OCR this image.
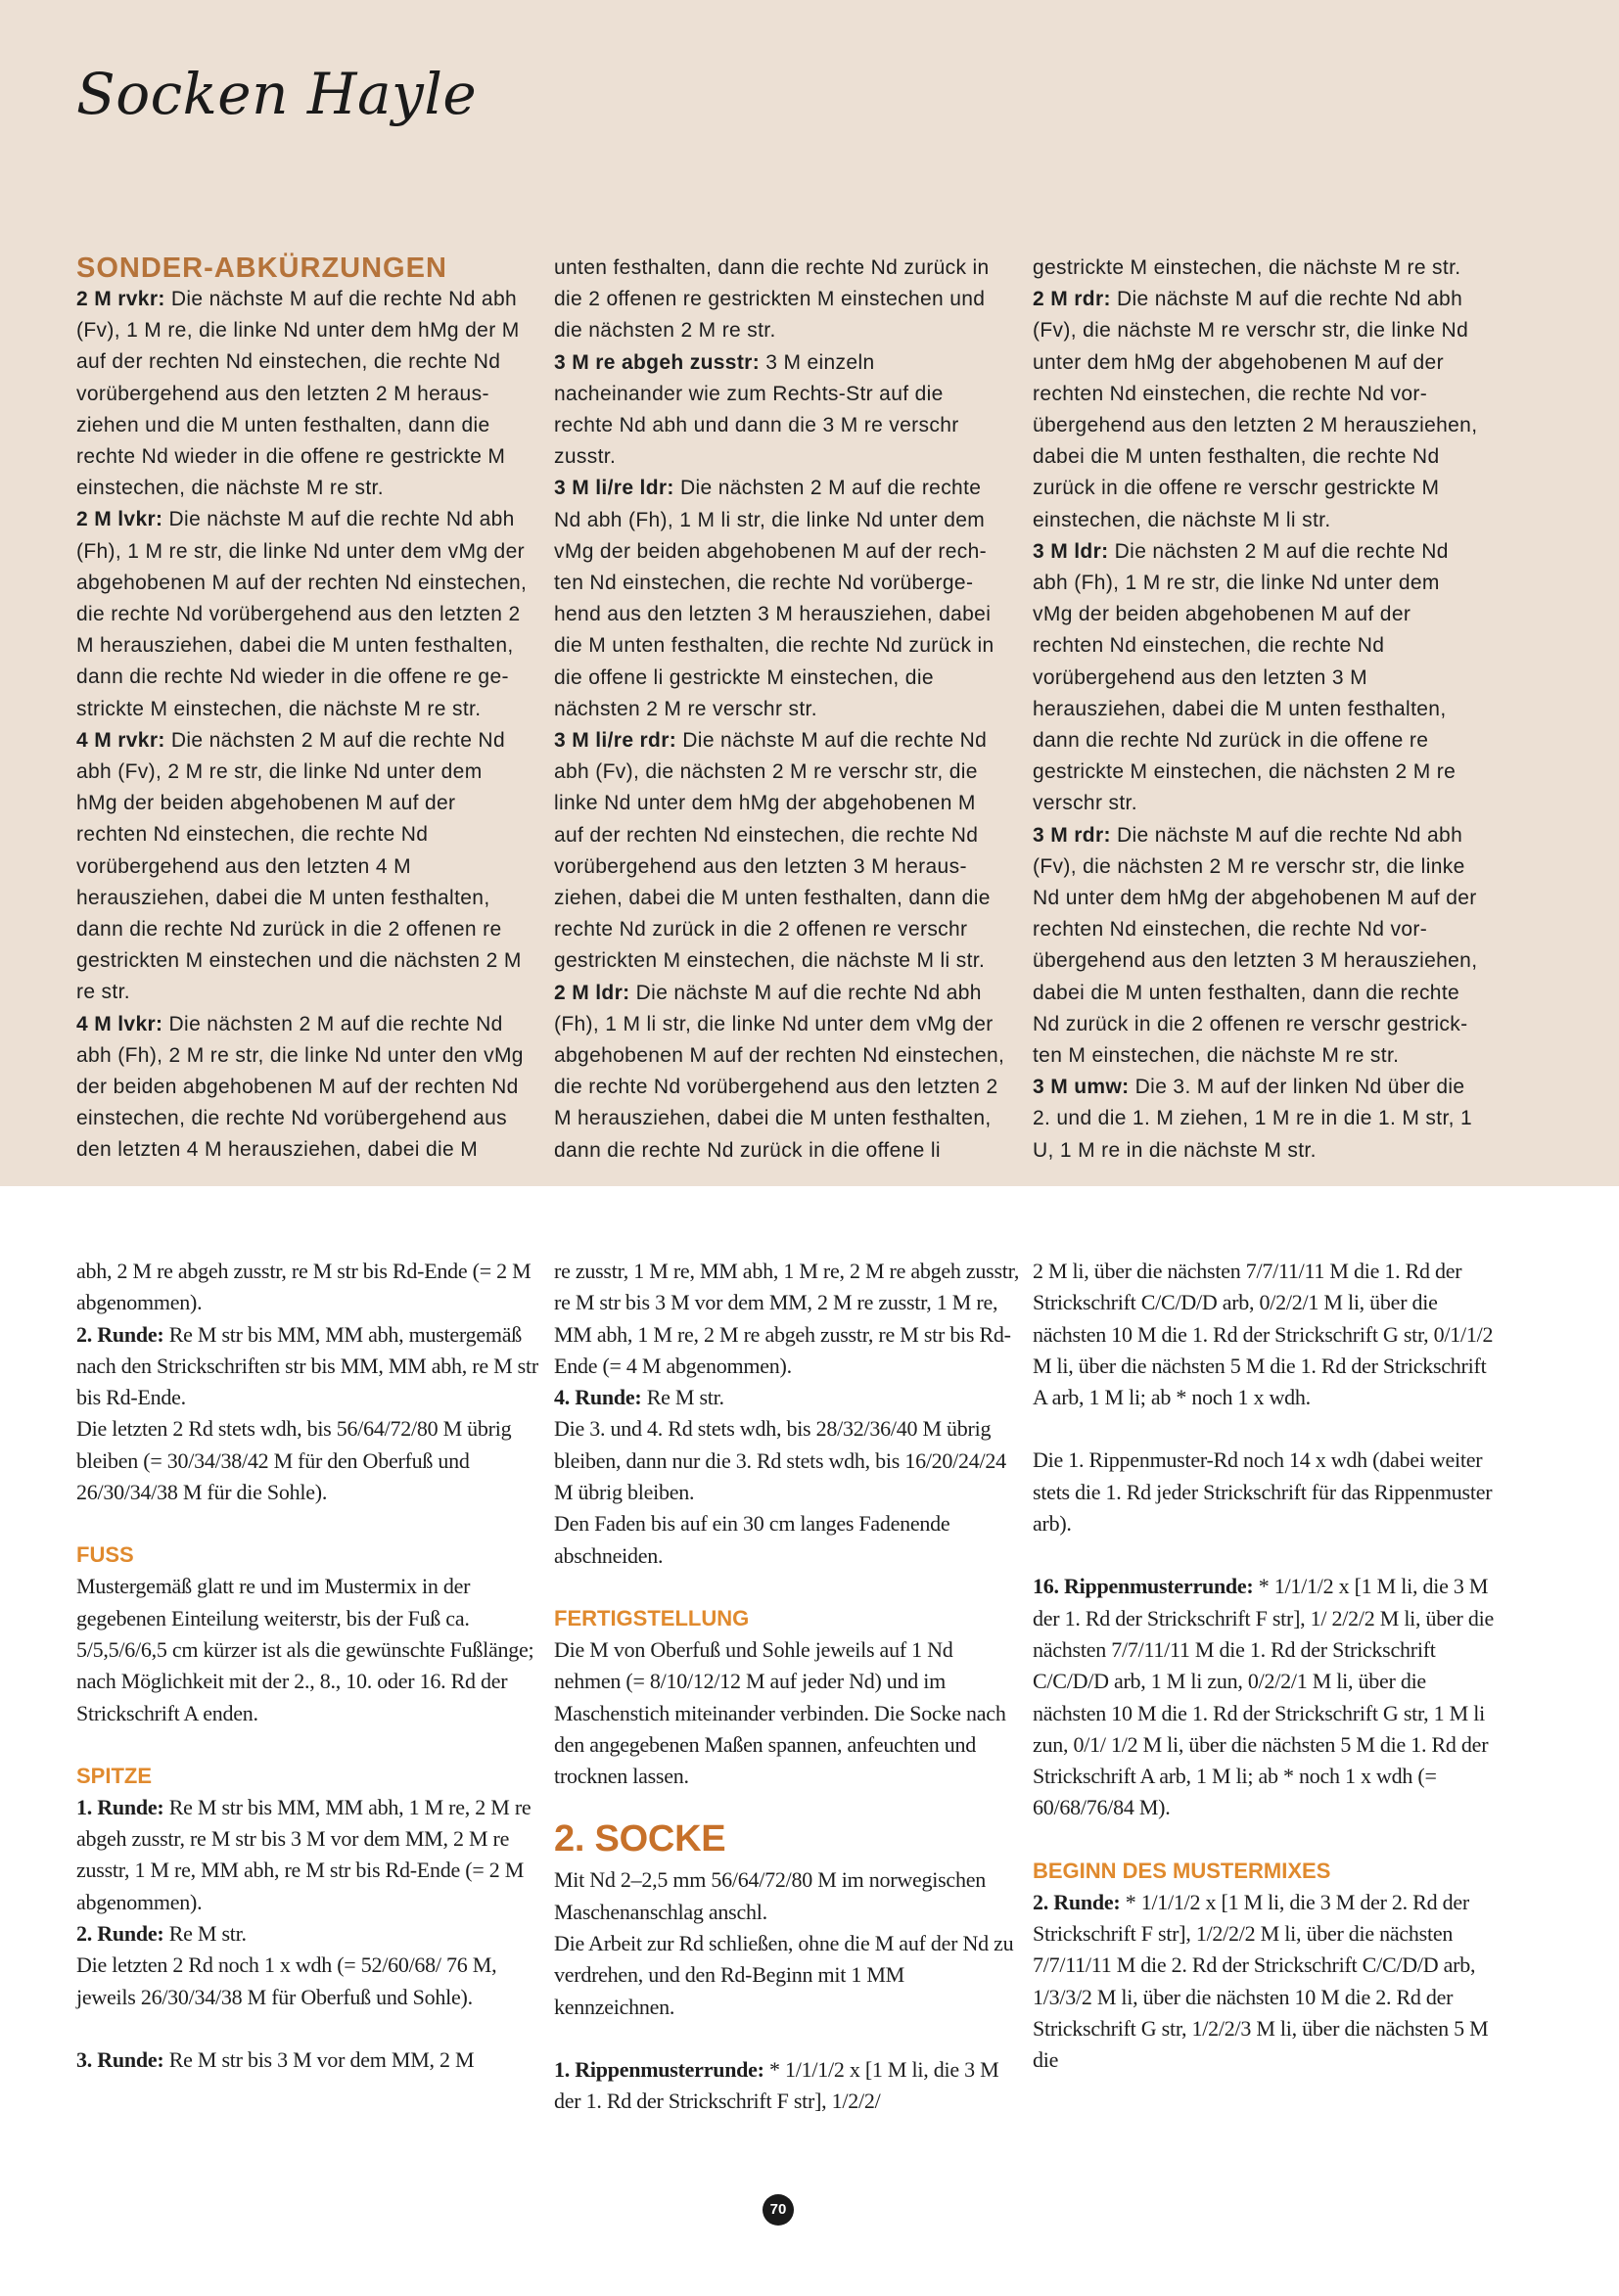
Socken Hayle

SONDER-ABKÜRZUNGEN

2 M rvkr: Die nächste M auf die rechte Nd abh (Fv), 1 M re, die linke Nd unter dem hMg der M auf der rechten Nd einstechen, die rechte Nd vorübergehend aus den letzten 2 M herausziehen und die M unten festhalten, dann die rechte Nd wieder in die offene re gestrickte M einstechen, die nächste M re str.

2 M lvkr: Die nächste M auf die rechte Nd abh (Fh), 1 M re str, die linke Nd unter dem vMg der abgehobenen M auf der rechten Nd einstechen, die rechte Nd vorübergehend aus den letzten 2 M herausziehen, dabei die M unten festhalten, dann die rechte Nd wieder in die offene re gestrickte M einstechen, die nächste M re str.

4 M rvkr: Die nächsten 2 M auf die rechte Nd abh (Fv), 2 M re str, die linke Nd unter dem hMg der beiden abgehobenen M auf der rechten Nd einstechen, die rechte Nd vorübergehend aus den letzten 4 M herausziehen, dabei die M unten festhalten, dann die rechte Nd zurück in die 2 offenen re gestrickten M einstechen und die nächsten 2 M re str.

4 M lvkr: Die nächsten 2 M auf die rechte Nd abh (Fh), 2 M re str, die linke Nd unter den vMg der beiden abgehobenen M auf der rechten Nd einstechen, die rechte Nd vorübergehend aus den letzten 4 M herausziehen, dabei die M

unten festhalten, dann die rechte Nd zurück in die 2 offenen re gestrickten M einstechen und die nächsten 2 M re str.

3 M re abgeh zusstr: 3 M einzeln nacheinander wie zum Rechts-Str auf die rechte Nd abh und dann die 3 M re verschr zusstr.

3 M li/re ldr: Die nächsten 2 M auf die rechte Nd abh (Fh), 1 M li str, die linke Nd unter dem vMg der beiden abgehobenen M auf der rechten Nd einstechen, die rechte Nd vorübergehend aus den letzten 3 M herausziehen, dabei die M unten festhalten, die rechte Nd zurück in die offene li gestrickte M einstechen, die nächsten 2 M re verschr str.

3 M li/re rdr: Die nächste M auf die rechte Nd abh (Fv), die nächsten 2 M re verschr str, die linke Nd unter dem hMg der abgehobenen M auf der rechten Nd einstechen, die rechte Nd vorübergehend aus den letzten 3 M herausziehen, dabei die M unten festhalten, dann die rechte Nd zurück in die 2 offenen re verschr gestrickten M einstechen, die nächste M li str.

2 M ldr: Die nächste M auf die rechte Nd abh (Fh), 1 M li str, die linke Nd unter dem vMg der abgehobenen M auf der rechten Nd einstechen, die rechte Nd vorübergehend aus den letzten 2 M herausziehen, dabei die M unten festhalten, dann die rechte Nd zurück in die offene li

gestrickte M einstechen, die nächste M re str.

2 M rdr: Die nächste M auf die rechte Nd abh (Fv), die nächste M re verschr str, die linke Nd unter dem hMg der abgehobenen M auf der rechten Nd einstechen, die rechte Nd vorübergehend aus den letzten 2 M herausziehen, dabei die M unten festhalten, die rechte Nd zurück in die offene re verschr gestrickte M einstechen, die nächste M li str.

3 M ldr: Die nächsten 2 M auf die rechte Nd abh (Fh), 1 M re str, die linke Nd unter dem vMg der beiden abgehobenen M auf der rechten Nd einstechen, die rechte Nd vorübergehend aus den letzten 3 M herausziehen, dabei die M unten festhalten, dann die rechte Nd zurück in die offene re gestrickte M einstechen, die nächsten 2 M re verschr str.

3 M rdr: Die nächste M auf die rechte Nd abh (Fv), die nächsten 2 M re verschr str, die linke Nd unter dem hMg der abgehobenen M auf der rechten Nd einstechen, die rechte Nd vorübergehend aus den letzten 3 M herausziehen, dabei die M unten festhalten, dann die rechte Nd zurück in die 2 offenen re verschr gestrickten M einstechen, die nächste M re str.

3 M umw: Die 3. M auf der linken Nd über die 2. und die 1. M ziehen, 1 M re in die 1. M str, 1 U, 1 M re in die nächste M str.

abh, 2 M re abgeh zusstr, re M str bis Rd-Ende (= 2 M abgenommen).

2. Runde: Re M str bis MM, MM abh, mustergemäß nach den Strickschriften str bis MM, MM abh, re M str bis Rd-Ende.

Die letzten 2 Rd stets wdh, bis 56/64/72/80 M übrig bleiben (= 30/34/38/42 M für den Oberfuß und 26/30/34/38 M für die Sohle).

FUSS

Mustergemäß glatt re und im Mustermix in der gegebenen Einteilung weiterstr, bis der Fuß ca. 5/5,5/6/6,5 cm kürzer ist als die gewünschte Fußlänge; nach Möglichkeit mit der 2., 8., 10. oder 16. Rd der Strickschrift A enden.

SPITZE

1. Runde: Re M str bis MM, MM abh, 1 M re, 2 M re abgeh zusstr, re M str bis 3 M vor dem MM, 2 M re zusstr, 1 M re, MM abh, re M str bis Rd-Ende (= 2 M abgenommen).

2. Runde: Re M str.

Die letzten 2 Rd noch 1 x wdh (= 52/60/68/ 76 M, jeweils 26/30/34/38 M für Oberfuß und Sohle).

3. Runde: Re M str bis 3 M vor dem MM, 2 M

re zusstr, 1 M re, MM abh, 1 M re, 2 M re abgeh zusstr, re M str bis 3 M vor dem MM, 2 M re zusstr, 1 M re, MM abh, 1 M re, 2 M re abgeh zusstr, re M str bis Rd-Ende (= 4 M abgenommen).

4. Runde: Re M str.

Die 3. und 4. Rd stets wdh, bis 28/32/36/40 M übrig bleiben, dann nur die 3. Rd stets wdh, bis 16/20/24/24 M übrig bleiben.

Den Faden bis auf ein 30 cm langes Fadenende abschneiden.

FERTIGSTELLUNG

Die M von Oberfuß und Sohle jeweils auf 1 Nd nehmen (= 8/10/12/12 M auf jeder Nd) und im Maschenstich miteinander verbinden. Die Socke nach den angegebenen Maßen spannen, anfeuchten und trocknen lassen.

2. SOCKE

Mit Nd 2–2,5 mm 56/64/72/80 M im norwegischen Maschenanschlag anschl.

Die Arbeit zur Rd schließen, ohne die M auf der Nd zu verdrehen, und den Rd-Beginn mit 1 MM kennzeichnen.

1. Rippenmusterrunde: * 1/1/1/2 x [1 M li, die 3 M der 1. Rd der Strickschrift F str], 1/2/2/

2 M li, über die nächsten 7/7/11/11 M die 1. Rd der Strickschrift C/C/D/D arb, 0/2/2/1 M li, über die nächsten 10 M die 1. Rd der Strickschrift G str, 0/1/1/2 M li, über die nächsten 5 M die 1. Rd der Strickschrift A arb, 1 M li; ab * noch 1 x wdh.

Die 1. Rippenmuster-Rd noch 14 x wdh (dabei weiter stets die 1. Rd jeder Strickschrift für das Rippenmuster arb).

16. Rippenmusterrunde: * 1/1/1/2 x [1 M li, die 3 M der 1. Rd der Strickschrift F str], 1/ 2/2/2 M li, über die nächsten 7/7/11/11 M die 1. Rd der Strickschrift C/C/D/D arb, 1 M li zun, 0/2/2/1 M li, über die nächsten 10 M die 1. Rd der Strickschrift G str, 1 M li zun, 0/1/ 1/2 M li, über die nächsten 5 M die 1. Rd der Strickschrift A arb, 1 M li; ab * noch 1 x wdh (= 60/68/76/84 M).

BEGINN DES MUSTERMIXES

2. Runde: * 1/1/1/2 x [1 M li, die 3 M der 2. Rd der Strickschrift F str], 1/2/2/2 M li, über die nächsten 7/7/11/11 M die 2. Rd der Strickschrift C/C/D/D arb, 1/3/3/2 M li, über die nächsten 10 M die 2. Rd der Strickschrift G str, 1/2/2/3 M li, über die nächsten 5 M die

70
